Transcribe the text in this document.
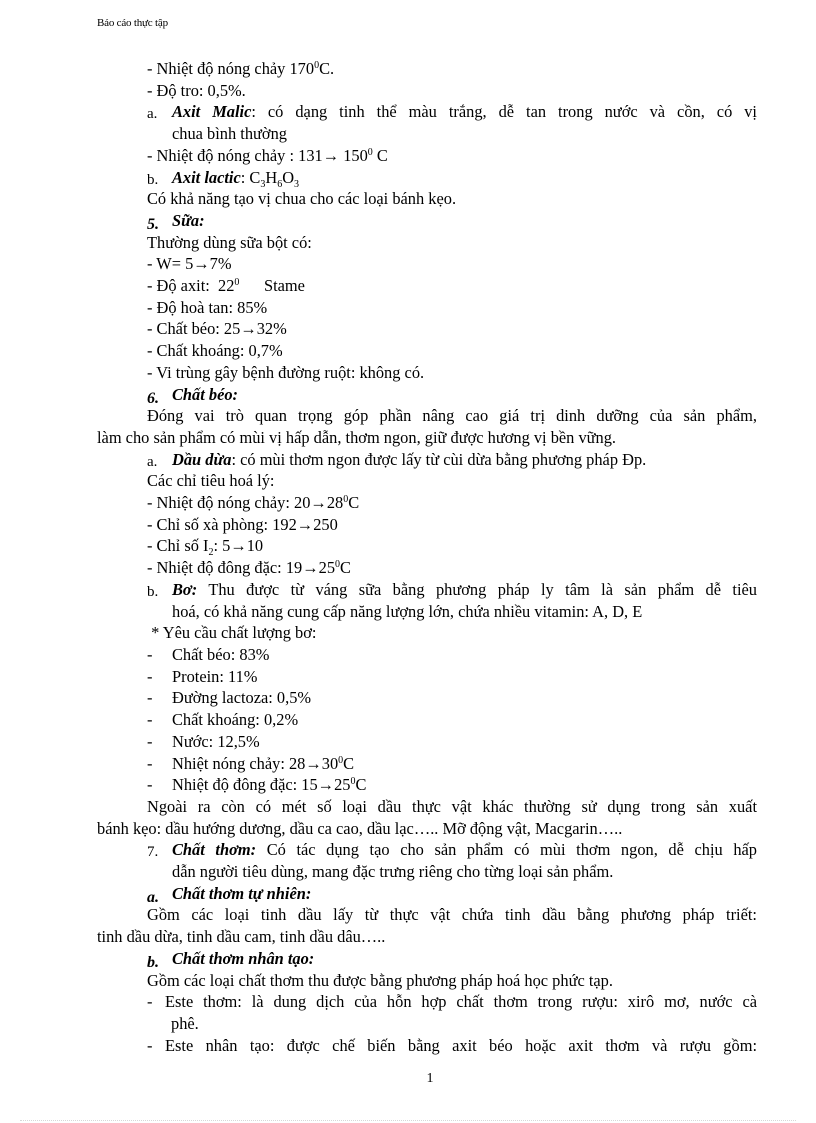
Báo cáo thực tập
- Nhiệt độ nóng chảy $170^0C$.
- Độ tro: 0,5%.
a. Axit Malic: có dạng tinh thể màu trắng, dễ tan trong nước và cồn, có vị
chua bình thường
- Nhiệt độ nóng chảy : $131\to 150^0$ C
b. Axit lactic: $C_3H_6O_3$
Có khả năng tạo vị chua cho các loại bánh kẹo.
5. Sữa:
Thường dùng sữa bột có:
- W= 5→7%
- Độ axit:  $22^0$      Stame
- Độ hoà tan: 85%
- Chất béo: 25→32%
- Chất khoáng: 0,7%
- Vi trùng gây bệnh đường ruột: không có.
6. Chất béo:
Đóng vai trò quan trọng góp phần nâng cao giá trị dinh dưỡng của sản phẩm,
làm cho sản phẩm có mùi vị hấp dẫn, thơm ngon, giữ được hương vị bền vững.
a. Dầu dừa: có mùi thơm ngon được lấy từ cùi dừa bằng phương pháp Đp.
Các chỉ tiêu hoá lý:
- Nhiệt độ nóng chảy: $20\to 28^0C$
- Chỉ số xà phòng: 192→250
- Chỉ số $I_2$: 5→10
- Nhiệt độ đông đặc: $19\to 25^0C$
b. Bơ: Thu được từ váng sữa bằng phương pháp ly tâm là sản phẩm dễ tiêu
hoá, có khả năng cung cấp năng lượng lớn, chứa nhiều vitamin: A, D, E
* Yêu cầu chất lượng bơ:
- Chất béo: 83%
- Protein: 11%
- Đường lactoza: 0,5%
- Chất khoáng: 0,2%
- Nước: 12,5%
- Nhiệt nóng chảy: $28\to 30^0C$
- Nhiệt độ đông đặc: $15\to 25^0C$
Ngoài ra còn có mét số loại dầu thực vật khác thường sử dụng trong sản xuất
bánh kẹo: dầu hướng dương, dầu ca cao, dầu lạc….. Mỡ động vật, Macgarin…..
7. Chất thơm: Có tác dụng tạo cho sản phẩm có mùi thơm ngon, dễ chịu hấp
dẫn người tiêu dùng, mang đặc trưng riêng cho từng loại sản phẩm.
a. Chất thơm tự nhiên:
Gồm các loại tinh dầu lấy từ thực vật chứa tinh dầu bằng phương pháp triết:
tinh dầu dừa, tinh dầu cam, tinh dầu dâu…..
b. Chất thơm nhân tạo:
Gồm các loại chất thơm thu được bằng phương pháp hoá học phức tạp.
- Este thơm: là dung dịch của hỗn hợp chất thơm trong rượu: xirô mơ, nước cà
phê.
- Este nhân tạo: được chế biến bằng axit béo hoặc axit thơm và rượu gồm:
1
